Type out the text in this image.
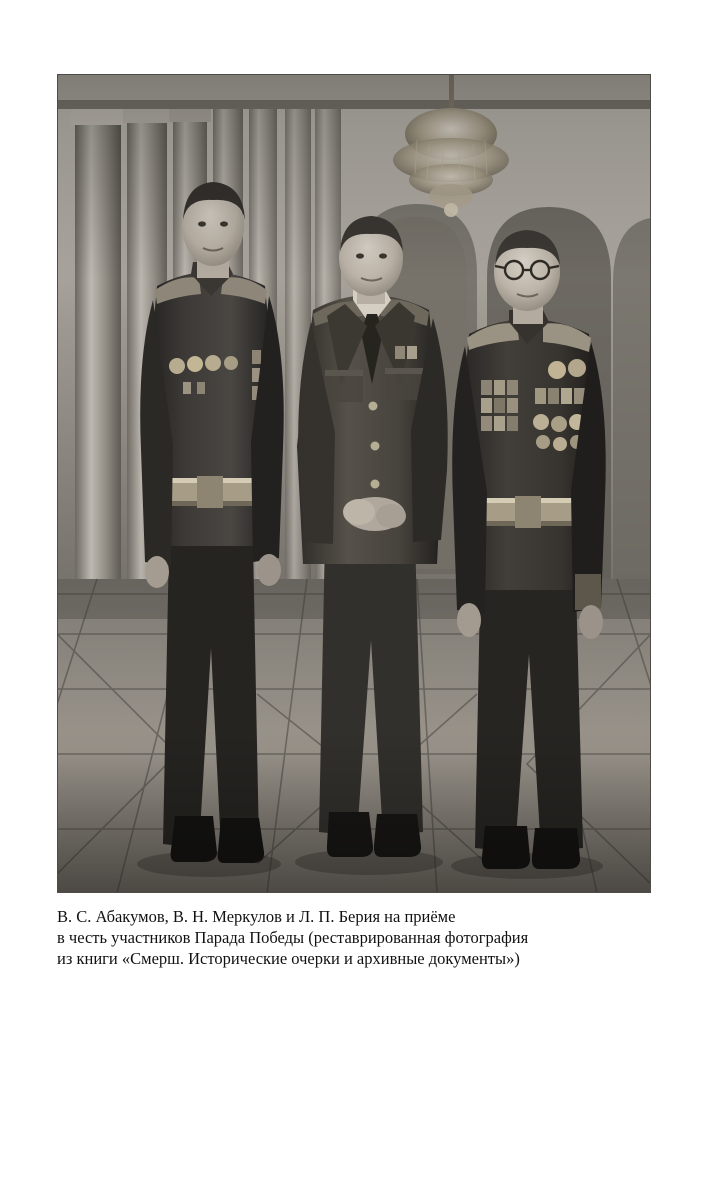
В. С. Абакумов, В. Н. Меркулов и Л. П. Берия на приёме
в честь участников Парада Победы (реставрированная фотография
из книги «Смерш. Исторические очерки и архивные документы»)
